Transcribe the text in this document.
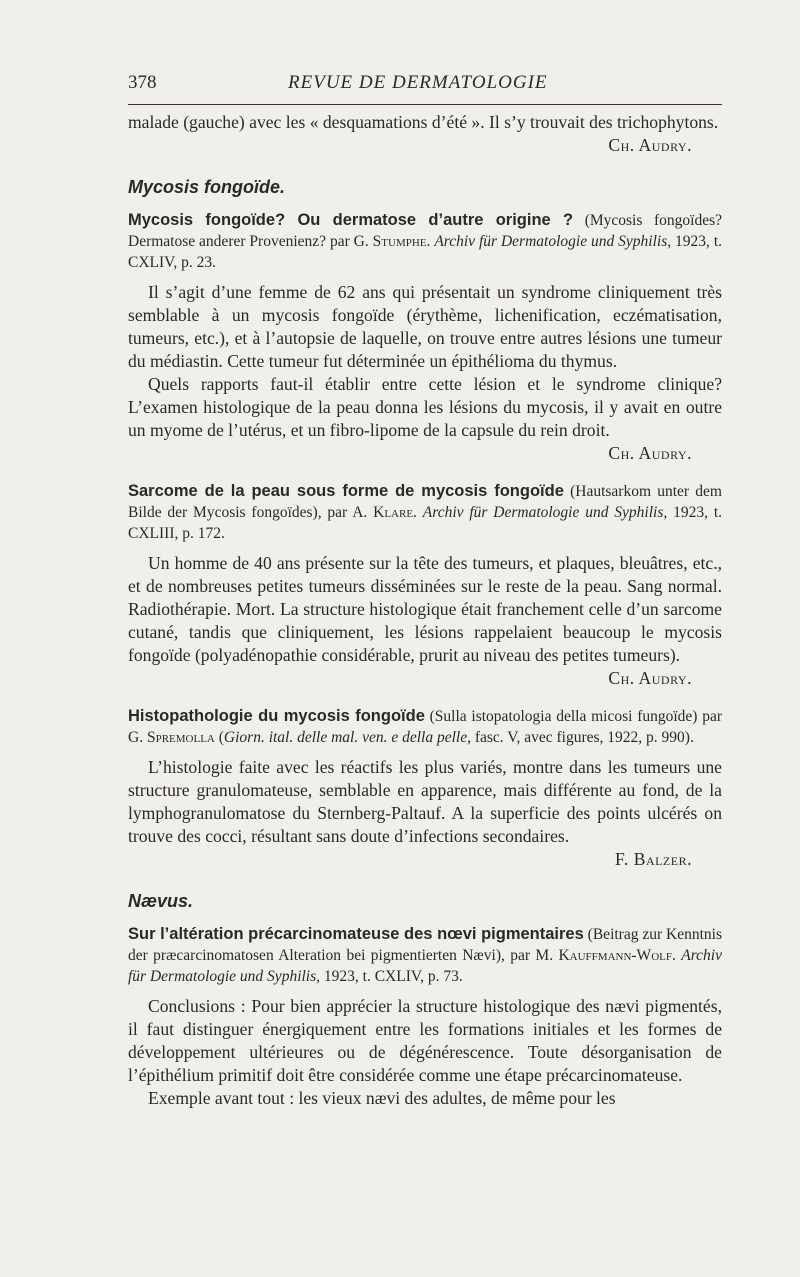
378	REVUE DE DERMATOLOGIE

malade (gauche) avec les « desquamations d’été ». Il s’y trouvait des trichophytons.

Ch. Audry.

Mycosis fongoïde.

Mycosis fongoïde? Ou dermatose d’autre origine ? (Mycosis fongoïdes? Dermatose anderer Provenienz? par G. Stumphe. Archiv für Dermatologie und Syphilis, 1923, t. CXLIV, p. 23.

Il s’agit d’une femme de 62 ans qui présentait un syndrome cliniquement très semblable à un mycosis fongoïde (érythème, lichenification, eczématisation, tumeurs, etc.), et à l’autopsie de laquelle, on trouve entre autres lésions une tumeur du médiastin. Cette tumeur fut déterminée un épithélioma du thymus.

Quels rapports faut-il établir entre cette lésion et le syndrome clinique? L’examen histologique de la peau donna les lésions du mycosis, il y avait en outre un myome de l’utérus, et un fibro-lipome de la capsule du rein droit.

Ch. Audry.

Sarcome de la peau sous forme de mycosis fongoïde (Hautsarkom unter dem Bilde der Mycosis fongoïdes), par A. Klare. Archiv für Dermatologie und Syphilis, 1923, t. CXLIII, p. 172.

Un homme de 40 ans présente sur la tête des tumeurs, et plaques, bleuâtres, etc., et de nombreuses petites tumeurs disséminées sur le reste de la peau. Sang normal. Radiothérapie. Mort. La structure histologique était franchement celle d’un sarcome cutané, tandis que cliniquement, les lésions rappelaient beaucoup le mycosis fongoïde (polyadénopathie considérable, prurit au niveau des petites tumeurs).

Ch. Audry.

Histopathologie du mycosis fongoïde (Sulla istopatologia della micosi fungoïde) par G. Spremolla (Giorn. ital. delle mal. ven. e della pelle, fasc. V, avec figures, 1922, p. 990).

L’histologie faite avec les réactifs les plus variés, montre dans les tumeurs une structure granulomateuse, semblable en apparence, mais différente au fond, de la lymphogranulomatose du Sternberg-Paltauf. A la superficie des points ulcérés on trouve des cocci, résultant sans doute d’infections secondaires.

F. Balzer.

Nævus.

Sur l’altération précarcinomateuse des nœvi pigmentaires (Beitrag zur Kenntnis der præcarcinomatosen Alteration bei pigmentierten Nævi), par M. Kauffmann-Wolf. Archiv für Dermatologie und Syphilis, 1923, t. CXLIV, p. 73.

Conclusions : Pour bien apprécier la structure histologique des nævi pigmentés, il faut distinguer énergiquement entre les formations initiales et les formes de développement ultérieures ou de dégénérescence. Toute désorganisation de l’épithélium primitif doit être considérée comme une étape précarcinomateuse.

Exemple avant tout : les vieux nævi des adultes, de même pour les
